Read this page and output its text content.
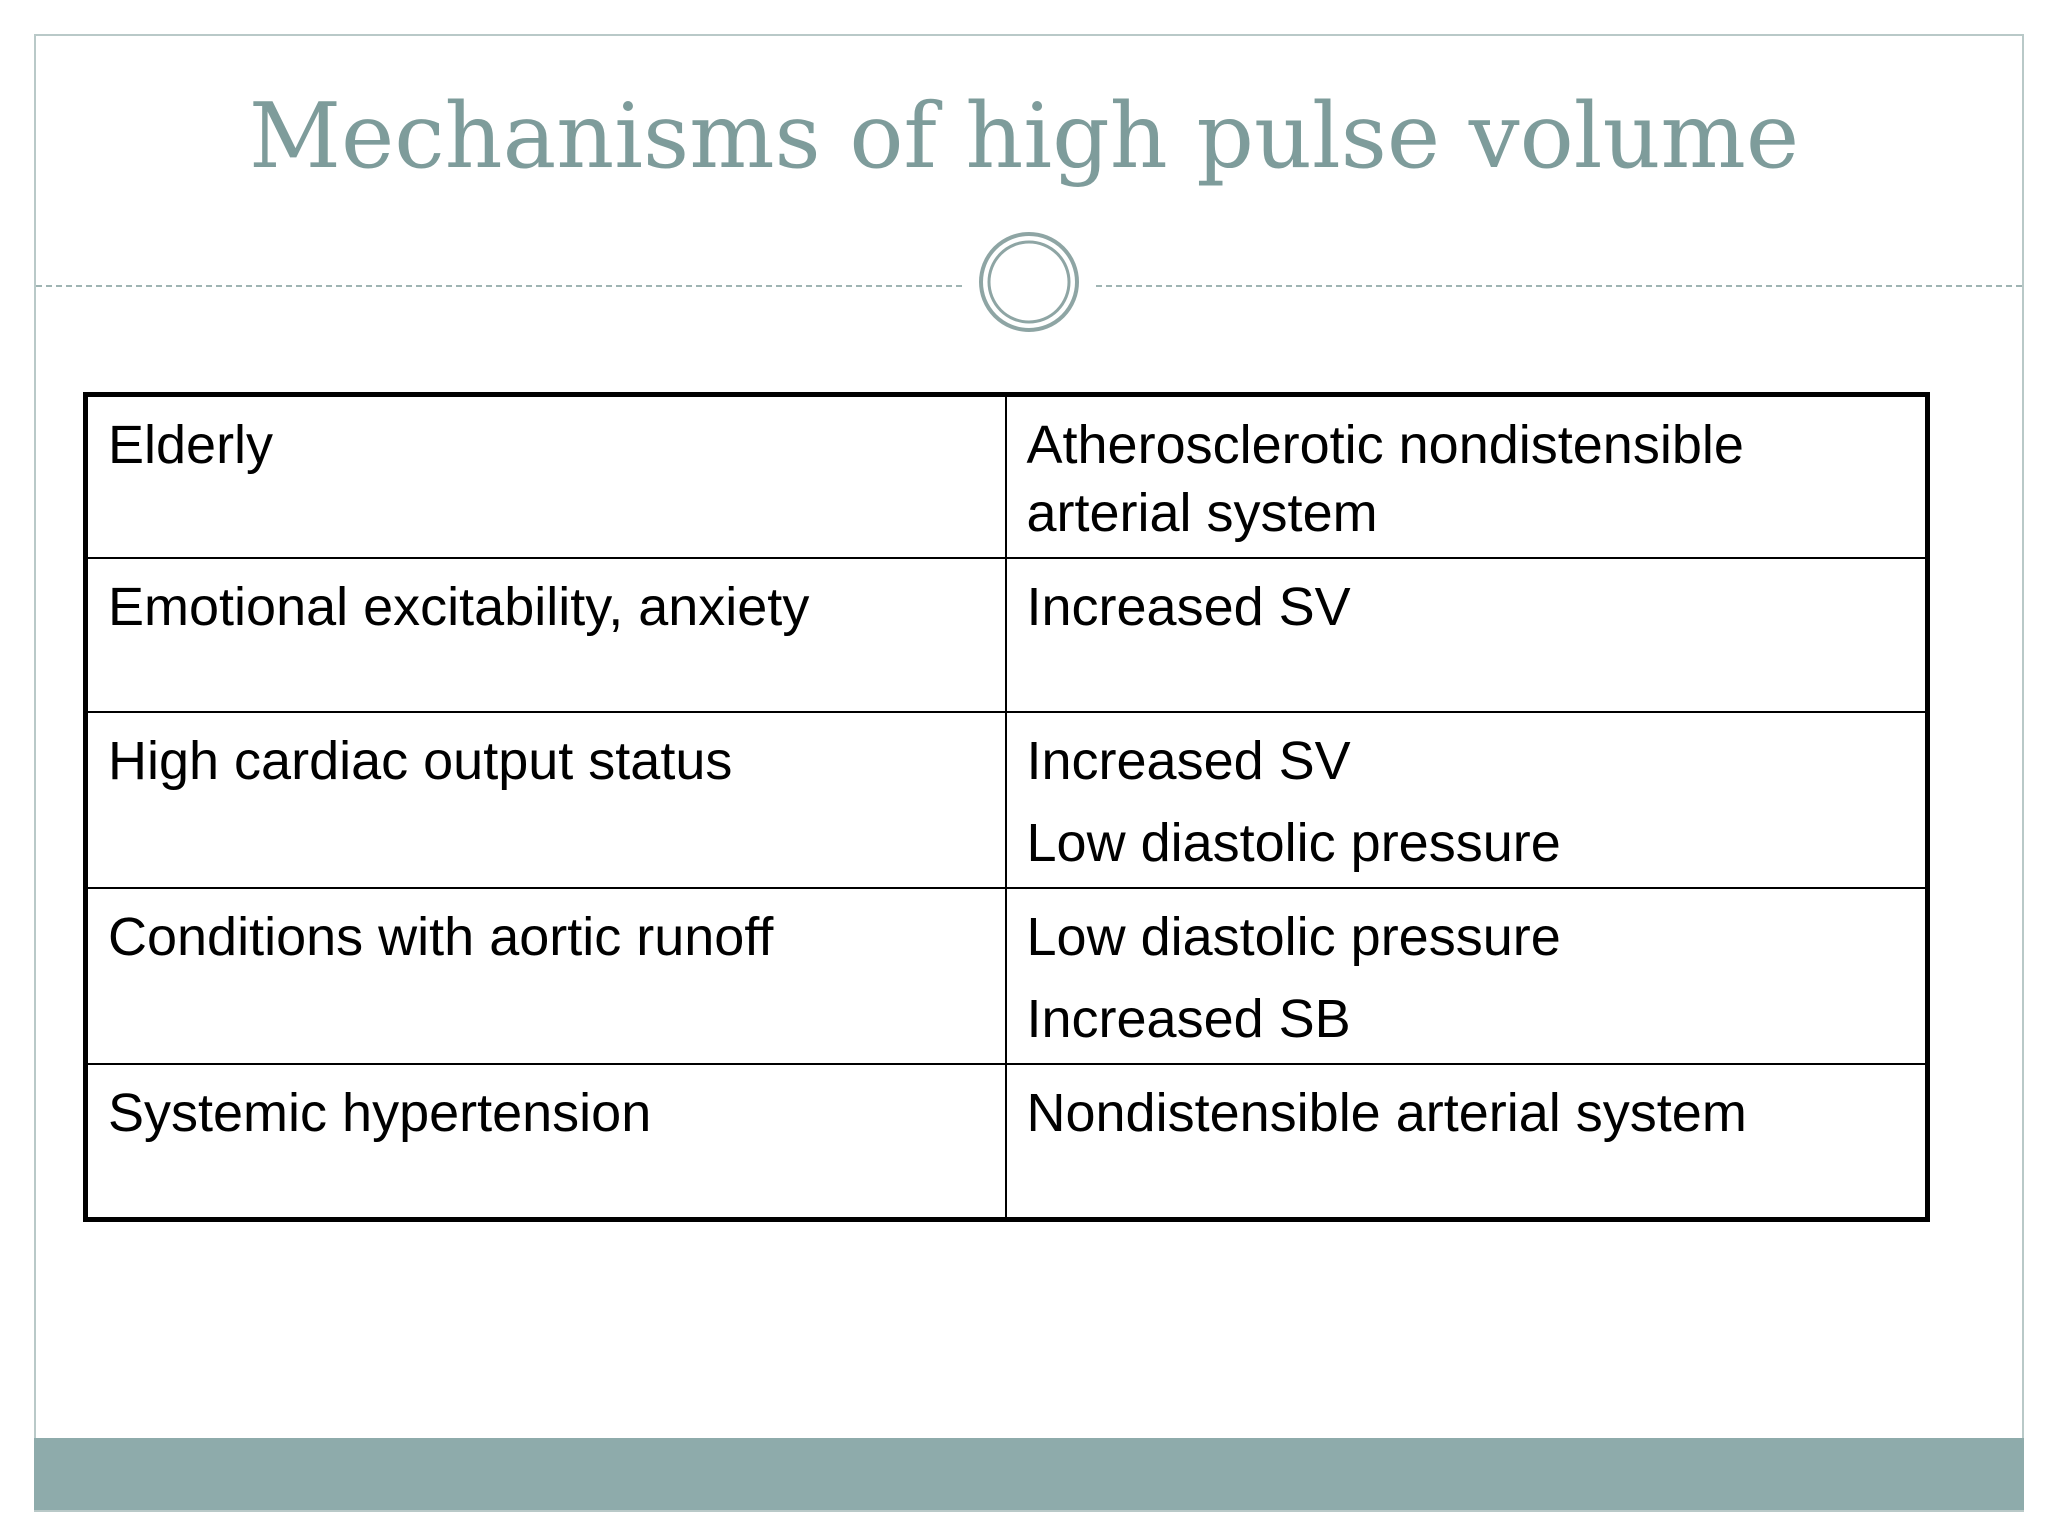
Mechanisms of high pulse volume
Elderly	Atherosclerotic nondistensible
arterial system

Emotional excitability, anxiety	Increased SV

High cardiac output status	Increased SV
Low diastolic pressure

Conditions with aortic runoff	Low diastolic pressure
Increased SB

Systemic hypertension	Nondistensible arterial system
